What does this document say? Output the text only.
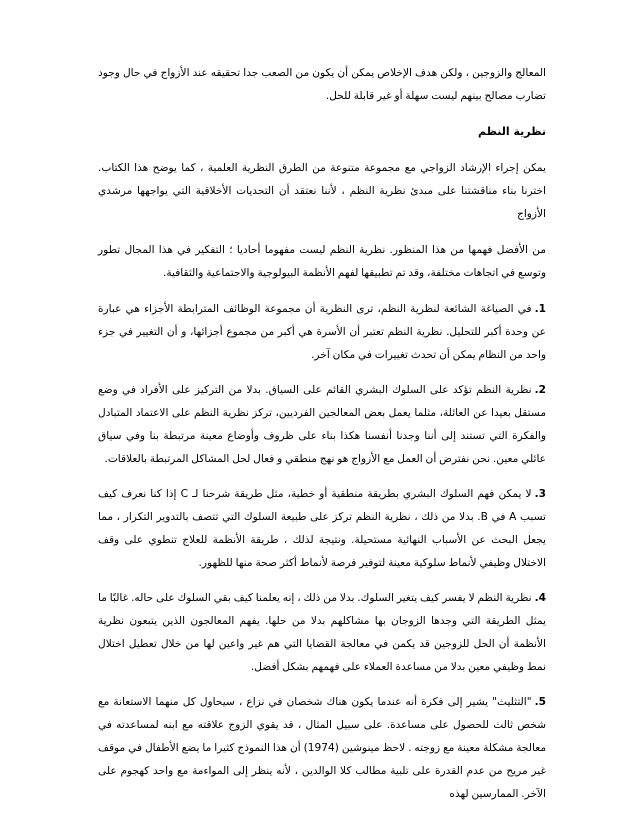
المعالج والزوجين ، ولكن هدف الإخلاص يمكن أن يكون من الصعب جدا تحقيقه عند الأزواج في حال وجود تضارب مصالح بينهم ليست سهلة أو غير قابلة للحل.

نظرية النظم

يمكن إجراء الإرشاد الزواجي مع مجموعة متنوعة من الطرق النظرية العلمية ، كما يوضح هذا الكتاب. اخترنا بناء مناقشتنا على مبدئ نظرية النظم ، لأننا نعتقد أن التحديات الأخلاقية التي يواجهها مرشدي الأزواج

من الأفضل فهمها من هذا المنظور. نظرية النظم ليست مفهوما أحاديا ؛ التفكير في هذا المجال تطور وتوسع في اتجاهات مختلفة، وقد تم تطبيقها لفهم الأنظمة البيولوجية والاجتماعية والثقافية.

1.في الصياغة الشائعة لنظرية النظم، ترى النظرية أن مجموعة الوظائف المترابطة الأجزاء هي عبارة عن وحدة أكبر للتحليل. نظرية النظم تعتبر أن الأسرة هي أكبر من مجموع أجزائها، و أن التغيير في جزء واحد من النظام يمكن أن تحدث تغييرات في مكان آخر.

2.نظرية النظم تؤكد على السلوك البشري القائم على السياق. بدلا من التركيز على الأفراد في وضع مستقل بعيدا عن العائلة، مثلما يعمل بعض المعالجين الفرديين، تركز نظرية النظم على الاعتماد المتبادل والفكرة التي تستند إلى أننا وجدنا أنفسنا هكذا بناء على ظروف وأوضاع معينة مرتبطة بنا وفي سياق عائلي معين. نحن نفترض أن العمل مع الأزواج هو نهج منطقي و فعال لحل المشاكل المرتبطة بالعلاقات.

3.لا يمكن فهم السلوك البشري بطريقة منطقية أو خطية، مثل طريقة شرحنا لـ C إذا كنا نعرف كيف تسبب A في B. بدلا من ذلك ، نظرية النظم تركز على طبيعة السلوك التي تتصف بالتدوير التكرار ، مما يجعل البحث عن الأسباب النهائية مستحيلة. ونتيجة لذلك ، طريقة الأنظمة للعلاج تنطوي على وقف الاختلال وظيفي لأنماط سلوكية معينة لتوفير فرصة لأنماط أكثر صحة منها للظهور.

4.نظرية النظم لا يفسر كيف يتغير السلوك. بدلا من ذلك ، إنه يعلمنا كيف بقي السلوك على حاله. غالبًا ما يمثل الطريقة التي وجدها الزوجان بها مشاكلهم بدلا من حلها. يفهم المعالجون الذين يتبعون نظرية الأنظمة أن الحل للزوجين قد يكمن في معالجة القضايا التي هم غير واعين لها من خلال تعطيل اختلال نمط وظيفي معين بدلا من مساعدة العملاء على فهمهم بشكل أفضل.

5."التثليث" يشير إلى فكرة أنه عندما يكون هناك شخصان في نزاع ، سيحاول كل منهما الاستعانة مع شخص ثالث للحصول على مساعدة. على سبيل المثال ، قد يقوي الزوج علاقته مع ابنه لمساعدته في معالجة مشكلة معينة مع زوجته . لاحظ مينوشين (1974) أن هذا النموذج كثيرا ما يضع الأطفال في موقف غير مريح من عدم القدرة على تلبية مطالب كلا الوالدين ، لأنه ينظر إلى المواءمة مع واحد كهجوم على الآخر. الممارسين لهذه
